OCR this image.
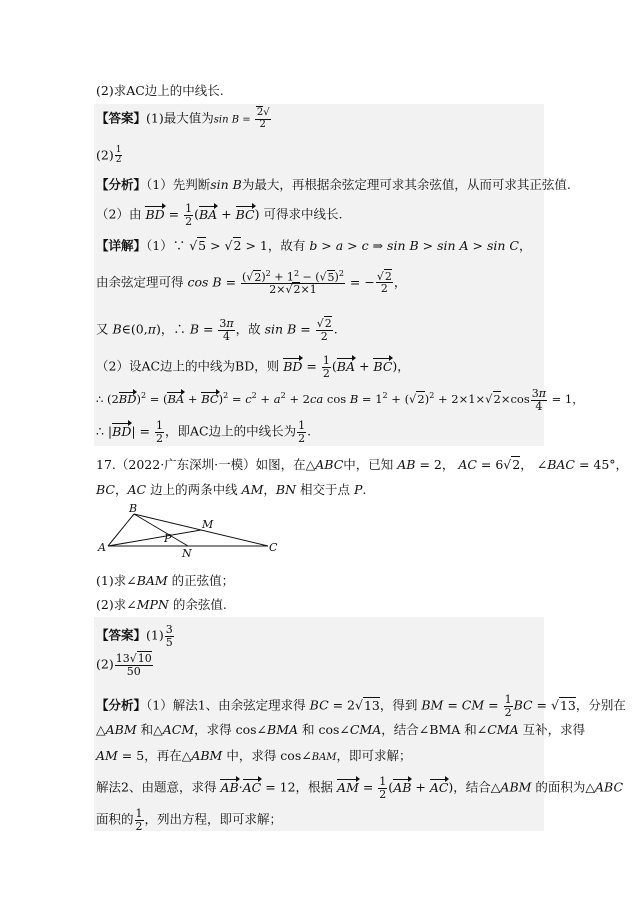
(2)求AC边上的中线长.
【答案】(1)最大值为$\sin B = \frac{2√}{2}$
$(2) \frac{1}{2}$
【分析】（1）先判断sin B为最大，再根据余弦定理可求其余弦值，从而可求其正弦值.
（2）由 BD = $\frac{1}{2} (BA + BC)$ 可得求中线长.
【详解】（1）∵ √5 > √2 > 1，故有 b > a > c ⇒ sin B > sin A > sin C，
由余弦定理可得 $\cos B = \frac{(√2)^2 + 1^2 - (√5)^2}{2\times√2\times 1}$ = − $\frac{√2}{2}$ ，
又 B∈(0,π)，∴ $B = \frac{3\pi}{4}$ ，故 $\sin B = \frac{√2}{2}$ .
（2）设AC边上的中线为BD，则 BD = $\frac{1}{2} (BA + BC)$，
∴ $(2BD)^2 = (BA + BC)^2 = c^2 + a^2 + 2ca$ $\cos B = 1^2 + (√2)^2 + 2\times 1\times√2\times\cos \frac{3\pi}{4} = 1$，
∴ $|BD| = \frac{1}{2}$ ，即AC边上的中线长为 $\frac{1}{2}$ .
17.（2022·广东深圳·一模）如图，在△ABC中，已知 AB = 2， AC = 6√2， ∠BAC = 45°，
BC，AC 边上的两条中线 AM，BN 相交于点 P.
A
B
C
M
N
P
(1)求∠BAM 的正弦值；
(2)求∠MPN 的余弦值.
【答案】$(1) \frac{3}{5}$
$(2) \frac{13√10}{50}$
【分析】（1）解法1、由余弦定理求得 BC = 2√13，得到 BM = CM = $\frac{1}{2}$ BC = √13，分别在
△ABM 和△ACM，求得 cos∠BMA 和 cos∠CMA，结合∠BMA 和∠CMA 互补，求得
AM = 5，再在△ABM 中，求得 cos∠BAM，即可求解；
解法2、由题意，求得 AB·AC = 12，根据 AM = $\frac{1}{2} (AB + AC)$，结合△ABM 的面积为△ABC
面积的 $\frac{1}{2}$ ，列出方程，即可求解；
